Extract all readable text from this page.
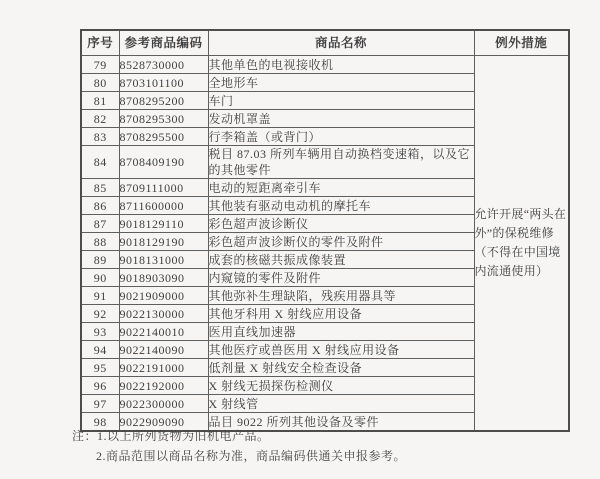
序号	参考商品编码	商品名称	例外措施
79	8528730000	其他单色的电视接收机	允许开展“两头在外”的保税维修（不得在中国境内流通使用）

80	8703101100	全地形车	
81	8708295200	车门	
82	8708295300	发动机罩盖	
83	8708295500	行李箱盖（或背门）	
84	8708409190	税目 87.03 所列车辆用自动换档变速箱，以及它的其他零件	
85	8709111000	电动的短距离牵引车	
86	8711600000	其他装有驱动电动机的摩托车	
87	9018129110	彩色超声波诊断仪	
88	9018129190	彩色超声波诊断仪的零件及附件	
89	9018131000	成套的核磁共振成像装置	
90	9018903090	内窥镜的零件及附件	
91	9021909000	其他弥补生理缺陷，残疾用器具等	
92	9022130000	其他牙科用 X 射线应用设备	
93	9022140010	医用直线加速器	
94	9022140090	其他医疗或兽医用 X 射线应用设备	
95	9022191000	低剂量 X 射线安全检查设备	
96	9022192000	X 射线无损探伤检测仪	
97	9022300000	X 射线管	
98	9022909090	品目 9022 所列其他设备及零件	
注：1.以上所列货物为旧机电产品。
2.商品范围以商品名称为准，商品编码供通关申报参考。
